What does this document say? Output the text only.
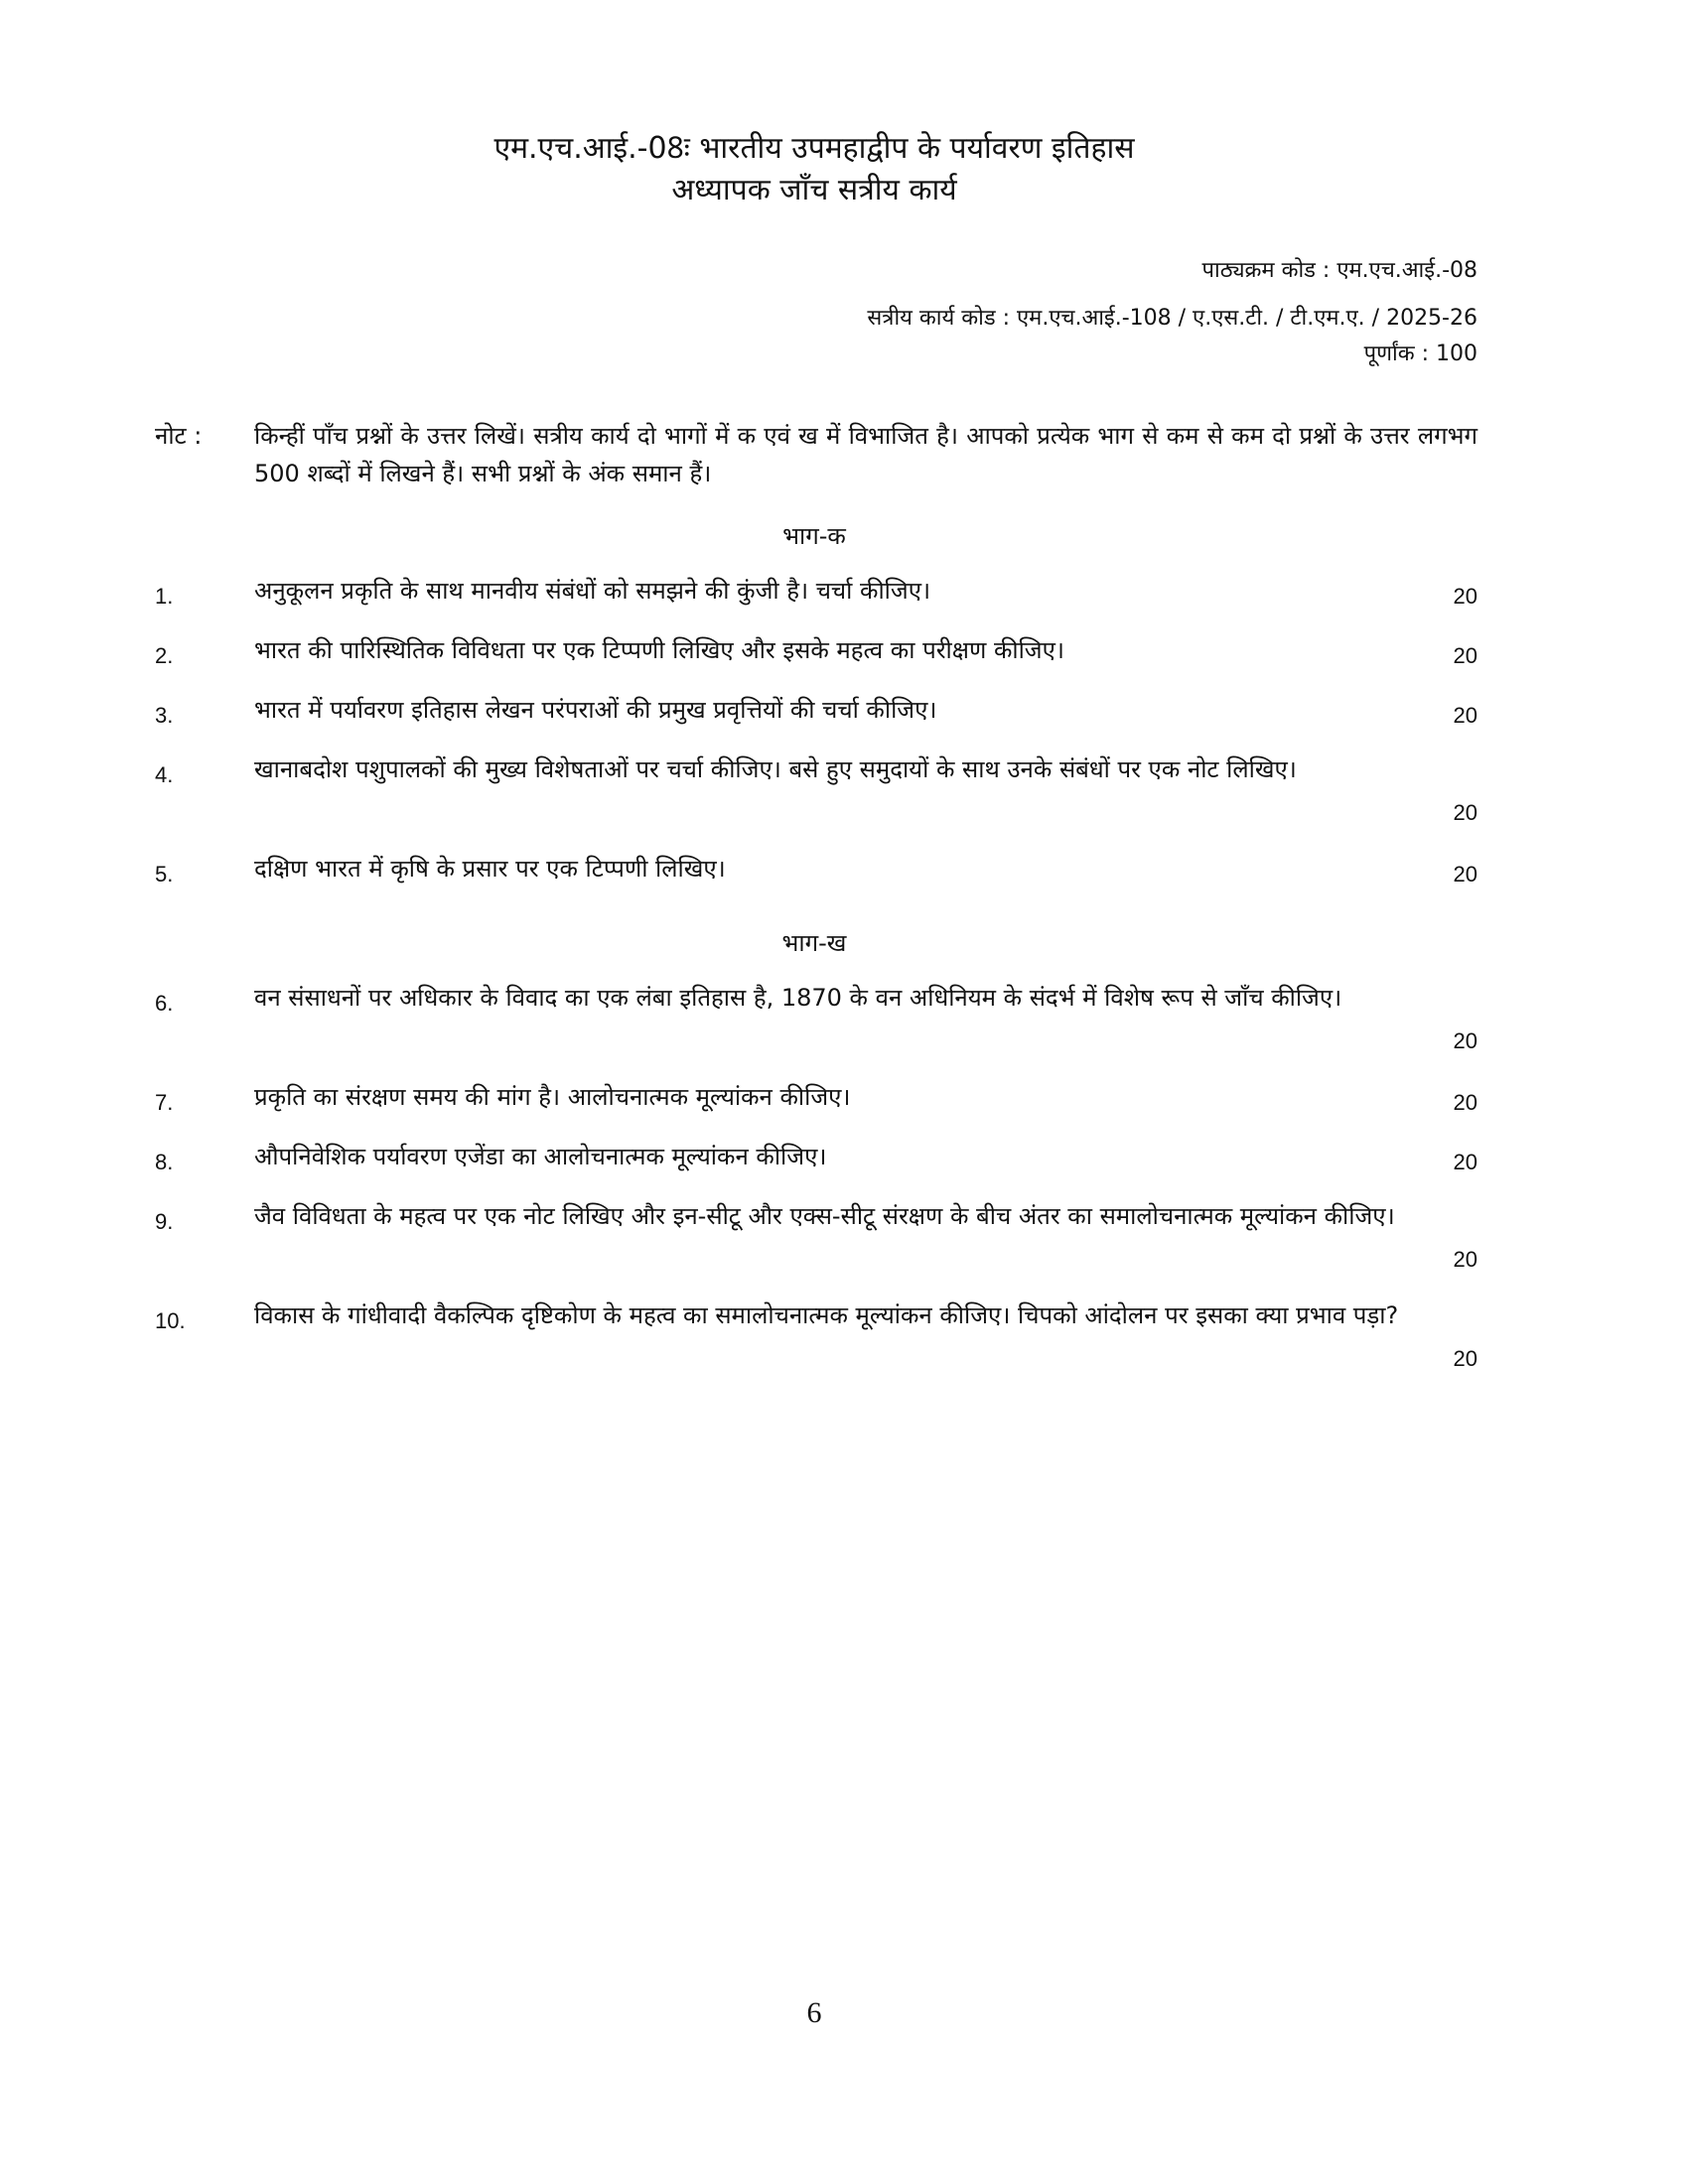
एम.एच.आई.-08ः भारतीय उपमहाद्वीप के पर्यावरण इतिहास
अध्यापक जाँच सत्रीय कार्य
पाठ्यक्रम कोड : एम.एच.आई.-08
सत्रीय कार्य कोड : एम.एच.आई.-108 / ए.एस.टी. / टी.एम.ए. / 2025-26
पूर्णांक : 100
नोट : किन्हीं पाँच प्रश्नों के उत्तर लिखें। सत्रीय कार्य दो भागों में क एवं ख में विभाजित है। आपको प्रत्येक भाग से कम से कम दो प्रश्नों के उत्तर लगभग 500 शब्दों में लिखने हैं। सभी प्रश्नों के अंक समान हैं।
भाग-क
1.	अनुकूलन प्रकृति के साथ मानवीय संबंधों को समझने की कुंजी है। चर्चा कीजिए।	20
2.	भारत की पारिस्थितिक विविधता पर एक टिप्पणी लिखिए और इसके महत्व का परीक्षण कीजिए।	20
3.	भारत में पर्यावरण इतिहास लेखन परंपराओं की प्रमुख प्रवृत्तियों की चर्चा कीजिए।	20
4.	खानाबदोश पशुपालकों की मुख्य विशेषताओं पर चर्चा कीजिए। बसे हुए समुदायों के साथ उनके संबंधों पर एक नोट लिखिए।
20
5.	दक्षिण भारत में कृषि के प्रसार पर एक टिप्पणी लिखिए।	20
भाग-ख
6.	वन संसाधनों पर अधिकार के विवाद का एक लंबा इतिहास है, 1870 के वन अधिनियम के संदर्भ में विशेष रूप से जाँच कीजिए।
20
7.	प्रकृति का संरक्षण समय की मांग है। आलोचनात्मक मूल्यांकन कीजिए।	20
8.	औपनिवेशिक पर्यावरण एजेंडा का आलोचनात्मक मूल्यांकन कीजिए।	20
9.	जैव विविधता के महत्व पर एक नोट लिखिए और इन-सीटू और एक्स-सीटू संरक्षण के बीच अंतर का समालोचनात्मक मूल्यांकन कीजिए।
20
10.	विकास के गांधीवादी वैकल्पिक दृष्टिकोण के महत्व का समालोचनात्मक मूल्यांकन कीजिए। चिपको आंदोलन पर इसका क्या प्रभाव पड़ा?
20
6
